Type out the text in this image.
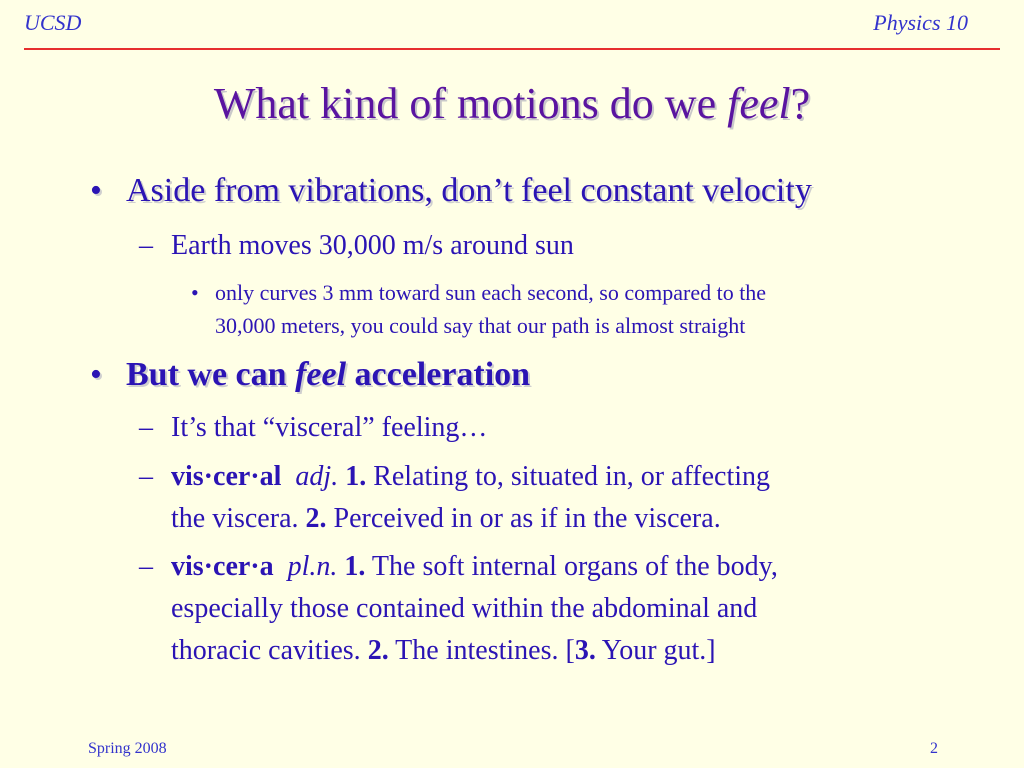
UCSD	Physics 10
What kind of motions do we feel?
• Aside from vibrations, don’t feel constant velocity
– Earth moves 30,000 m/s around sun
• only curves 3 mm toward sun each second, so compared to the
30,000 meters, you could say that our path is almost straight
• But we can feel acceleration
– It’s that “visceral” feeling…
– vis·cer·al adj. 1. Relating to, situated in, or affecting
the viscera. 2. Perceived in or as if in the viscera.
– vis·cer·a pl.n. 1. The soft internal organs of the body,
especially those contained within the abdominal and
thoracic cavities. 2. The intestines. [3. Your gut.]
Spring 2008	2
